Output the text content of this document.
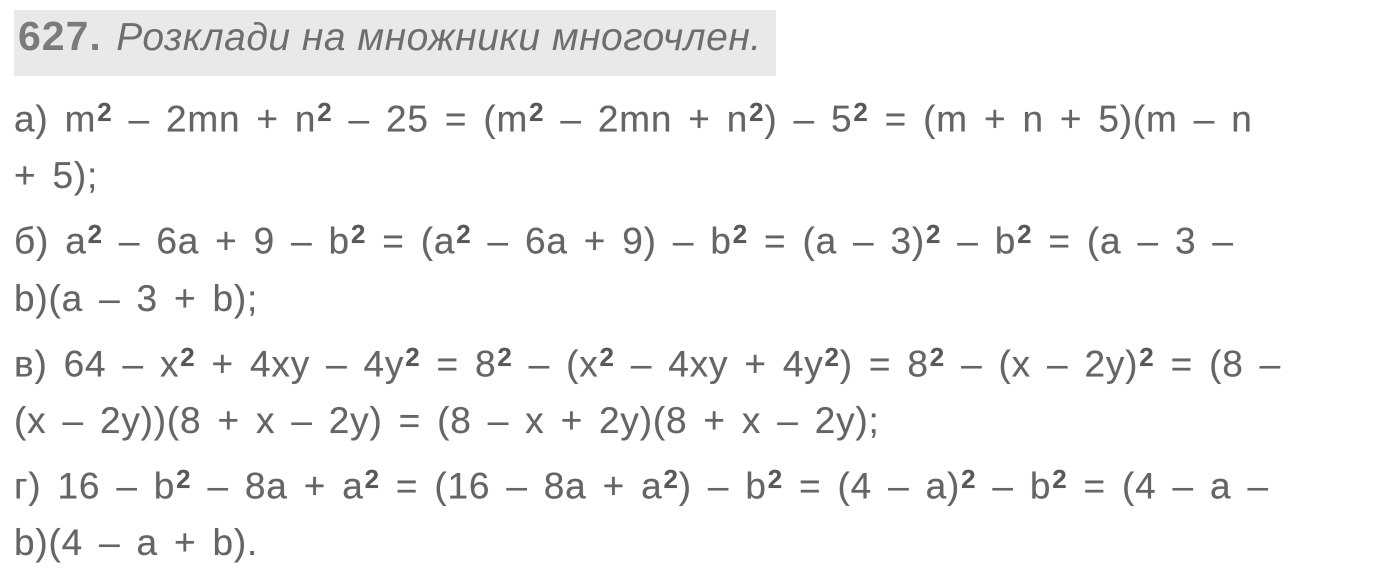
627. Розклади на множники многочлен.
а) $m^2 - 2mn + n^2 - 25 = (m^2 - 2mn + n^2) - 5^2 = (m + n + 5)(m - n$
+ 5);
б) $a^2 - 6a + 9 - b^2 = (a^2 - 6a + 9) - b^2 = (a - 3)^2 - b^2 = (a - 3$ –
b)(a – 3 + b);
в) $64 - x^2 + 4xy - 4y^2 = 8^2 - (x^2 - 4xy + 4y^2) = 8^2 - (x - 2y)^2 = (8$ –
(x – 2y))(8 + x – 2y) = (8 – x + 2y)(8 + x – 2y);
г) $16 - b^2 - 8a + a^2 = (16 - 8a + a^2) - b^2 = (4 - a)^2 - b^2 = (4 - a$ –
b)(4 – a + b).
